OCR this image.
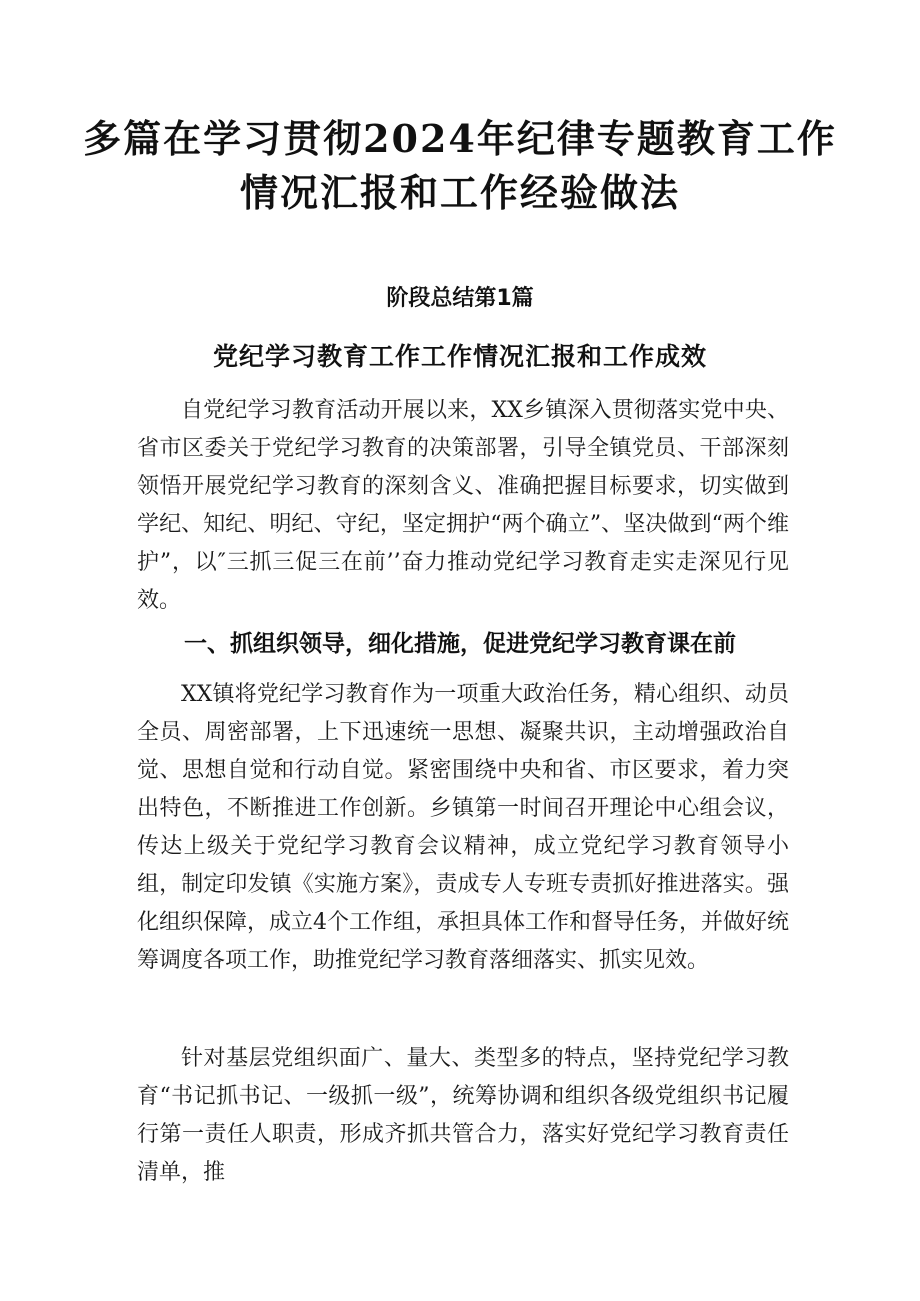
多篇在学习贯彻2024年纪律专题教育工作
情况汇报和工作经验做法
阶段总结第1篇
党纪学习教育工作工作情况汇报和工作成效

自党纪学习教育活动开展以来，XX乡镇深入贯彻落实党中央、省市区委关于党纪学习教育的决策部署，引导全镇党员、干部深刻领悟开展党纪学习教育的深刻含义、准确把握目标要求，切实做到学纪、知纪、明纪、守纪，坚定拥护“两个确立”、坚决做到“两个维护”，以″三抓三促三在前’’奋力推动党纪学习教育走实走深见行见效。

一、抓组织领导，细化措施，促进党纪学习教育课在前

XX镇将党纪学习教育作为一项重大政治任务，精心组织、动员全员、周密部署，上下迅速统一思想、凝聚共识，主动增强政治自觉、思想自觉和行动自觉。紧密围绕中央和省、市区要求，着力突出特色，不断推进工作创新。乡镇第一时间召开理论中心组会议，传达上级关于党纪学习教育会议精神，成立党纪学习教育领导小组，制定印发镇《实施方案》，责成专人专班专责抓好推进落实。强化组织保障，成立4个工作组，承担具体工作和督导任务，并做好统筹调度各项工作，助推党纪学习教育落细落实、抓实见效。

针对基层党组织面广、量大、类型多的特点，坚持党纪学习教育“书记抓书记、一级抓一级”，统筹协调和组织各级党组织书记履行第一责任人职责，形成齐抓共管合力，落实好党纪学习教育责任清单，推
